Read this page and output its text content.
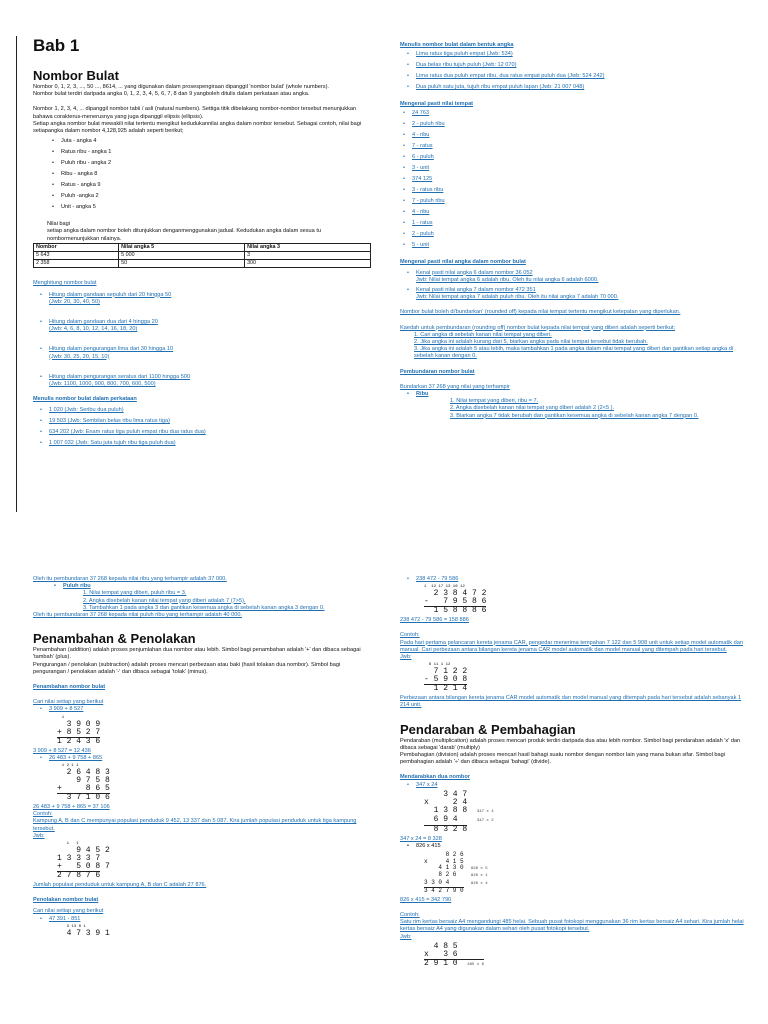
Bab 1
Nombor Bulat

Nombor 0, 1, 2, 3, ..., 50 ..., 8614, ... yang digunakan dalam prosespengiraan dipanggil 'nombor bulat' (whole numbers).

Nombor bulat terdiri daripada angka 0, 1, 2, 3, 4, 5, 6, 7, 8 dan 9 yangboleh ditulis dalam perkataan atau angka.

Nombor 1, 2, 3, 4, ... dipanggil nombor tabii / asli (natural numbers). Settiga titik dibelakang nombor-nombor tersebut menunjukkan bahawa corakterus-menerusnya yang juga dipanggil elipsis (ellipsis).

Setiap angka nombor bulat mewakili nilai tertentu mengikut kedudukannilai angka dalam nombor tersebut. Sebagai contoh, nilai bagi setiapangka dalam nombor 4,128,925 adalah seperti berikut;

• Juta - angka 4
• Ratus ribu - angka 1
• Puluh ribu - angka 2
• Ribu - angka 8
• Ratus - angka 9
• Puluh -angka 2
• Unit - angka 5

Nilai bagi

setiap angka dalam nombor boleh ditunjukkan denganmenggunakan jadual. Kedudukan angka dalam sesua tu nombormenunjukkan nilainya.

Nombor	Nilai angka 5	Nilai angka 3
5 643	5 000	3
2 358	50	300

Menghitung nombor bulat

• Hitung dalam gandaan sepuluh dari 20 hingga 50
(Jwb: 20, 30, 40, 50)
• Hitung dalam gandaan dua dari 4 hingga 20
(Jwb: 4, 6, 8, 10, 12, 14, 16, 18, 20)
• Hitung dalam pengurangan lima dari 30 hingga 10
(Jwb: 30, 25, 20, 15, 10)
• Hitung dalam pengurangan seratus dari 1100 hingga 500
(Jwb: 1100, 1000, 900, 800, 700, 600, 500)

Menulis nombor bulat dalam perkataan

• 1 020 (Jwb: Seribu dua puluh)
• 19 503 (Jwb: Sembilan belas ribu lima ratus tiga)
• 634 202 (Jwb: Enam ratus tiga puluh empat ribu dua ratus dua)
• 1 007 032 (Jwb: Satu juta tujuh ribu tiga puluh dua)

Menulis nombor bulat dalam bentuk angka

• Lima ratus tiga puluh empat (Jwb: 534)
• Dua belas ribu tujuh puluh (Jwb: 12 070)
• Lima ratus dua puluh empat ribu, dua ratus empat puluh dua (Jwb: 524 242)
• Dua puluh satu juta, tujuh ribu empat puluh lapan (Jwb: 21 007 048)

Mengenal pasti nilai tempat

• 24 763
• 2 - puluh ribu
• 4 - ribu
• 7 - ratus
• 6 - puluh
• 3 - unit
• 374 125
• 3 - ratus ribu
• 7 - puluh ribu
• 4 - ribu
• 1 - ratus
• 2 - puluh
• 5 - unit

Mengenal pasti nilai angka dalam nombor bulat

• Kenal pasti nilai angka 6 dalam nombor 36 052
Jwb: Nilai tempat angka 6 adalah ribu. Oleh itu nilai angka 6 adalah 6000.
• Kenal pasti nilai angka 7 dalam nombor 472 351
Jwb: Nilai tempat angka 7 adalah puluh ribu. Oleh itu nilai angka 7 adalah 70 000.

Nombor bulat boleh di'bundarkan' (rounded off) kepada nilai tempat tertentu mengikut ketepatan yang diperlukan.

Kaedah untuk pembundaran (rounding off) nombor bulat kepada nilai tempat yang diberi adalah seperti berikut:

1. Cari angka di sebelah kanan nilai tempat yang diberi.
2. Jika angka ini adalah kurang dari 5, biarkan angka pada nilai tempat tersebut tidak berubah.
3. Jika angka ini adalah 5 atau lebih, maka tambahkan 1 pada angka dalam nilai tempat yang diberi dan gantikan setiap angka di sebelah kanan dengan 0.

Pembundaran nombor bulat

Bundarkan 37 268 yang nilai yang terhampir

• Ribu
1. Nilai tempat yang diberi, ribu = 7.
2. Angka disebelah kanan nilai tempat yang diberi adalah 2 (2<5 ).
3. Biarkan angka 7 tidak berubah dan gantikan kesemua angka di sebelah kanan angka 7 dengan 0.

Oleh itu pembundaran 37 268 kepada nilai ribu yang terhampir adalah 37 000.

• Puluh ribu
1. Nilai tempat yang diberi, puluh ribu = 3.
2. Angka disebelah kanan nilai tempat yang diberi adalah 7 (7>5).
3. Tambahkan 1 pada angka 3 dan gantikan kesemua angka di sebelah kanan angka 3 dengan 0.

Oleh itu pembundaran 37 268 kepada nilai puluh ribu yang terhampir adalah 40 000.

Penambahan & Penolakan

Penambahan (addition) adalah proses penjumlahan dua nombor atau lebih. Simbol bagi penambahan adalah '+' dan dibaca sebagai 'tambah' (plus).

Pengurangan / penolakan (subtraction) adalah proses mencari perbezaan atau baki (hasil tolakan dua nombor). Simbol bagi pengurangan / penolakan adalah '-' dan dibaca sebagai 'tolak' (minus).

Penambahan nombor bulat

Cari nilai setiap yang berikut

• 3 909 + 8 527
1
3 9 0 9
+ 8 5 2 7
1 2 4 3 6

3 909 + 8 527 = 12 436

• 26 483 + 9 758 + 865
1 2 1 1
2 6 4 8 3
9 7 5 8
+     8 6 5
3 7 1 0 6

26 483 + 9 758 + 865 = 37 106

Contoh:

Kampung A, B dan C mempunyai populasi penduduk 9 452, 13 337 dan 5 087. Kira jumlah populasi penduduk untuk tiga kampung tersebut.

Jwb:

1   1
9 4 5 2
1 3 3 3 7
+   5 0 8 7
2 7 8 7 6

Jumlah populasi penduduk untuk kampung A, B dan C adalah 27 876.

Penolakan nombor bulat

Cari nilai setiap yang berikut

• 47 391 - 851
3 13 8 1
4 7 3 9 1
• 238 472 - 79 586
1  12 17 13 16 12
2 3 8 4 7 2
-   7 9 5 8 6
1 5 8 8 8 6

238 472 - 79 586 = 158 886

Contoh:

Pada hari pertama pelancaran kereta jenama CAR, pengedar menerima tempahan 7 122 dan 5 908 unit untuk setiap model automatik dan manual. Cari perbezaan antara bilangan kereta jenama CAR model automatik dan model manual yang ditempah pada hari tersebut.

Jwb:

6 11 1 12
7 1 2 2
- 5 9 0 8
1 2 1 4

Perbezaan antara bilangan kereta jenama CAR model automatik dan model manual yang ditempah pada hari tersebut adalah sebanyak 1 214 unit.

Pendaraban & Pembahagian

Pendaraban (multiplication) adalah proses mencari produk terdiri daripada dua atau lebih nombor. Simbol bagi pendaraban adalah 'x' dan dibaca sebagai 'darab' (multiply)

Pembahagian (division) adalah proses mencari hasil bahagi suatu nombor dengan nombor lain yang mana bukan sifar. Simbol bagi pembahagian adalah '÷' dan dibaca sebagai 'bahagi' (divide).

Mendarabkan dua nombor

• 347 x 24
3 4 7
x     2 4
1 3 8 8 347 x 4
6 9 4	347 x 2
8 3 2 8

347 x 24 = 8 328

• 826 x 415
8 2 6
x     4 1 5
4 1 3 0 826 x 5
8 2 6	826 x 1
3 3 0 4	826 x 4
3 4 2 7 9 0

826 x 415 = 342 790

Contoh:

Satu rim kertas bersaiz A4 mengandungi 485 helai. Sebuah pusat fotokopi menggunakan 36 rim kertas bersaiz A4 sehari. Kira jumlah helai kertas bersaiz A4 yang digunakan dalam sehari oleh pusat fotokopi tersebut.

Jwb:

4 8 5
x   3 6
2 9 1 0 485 x 6
